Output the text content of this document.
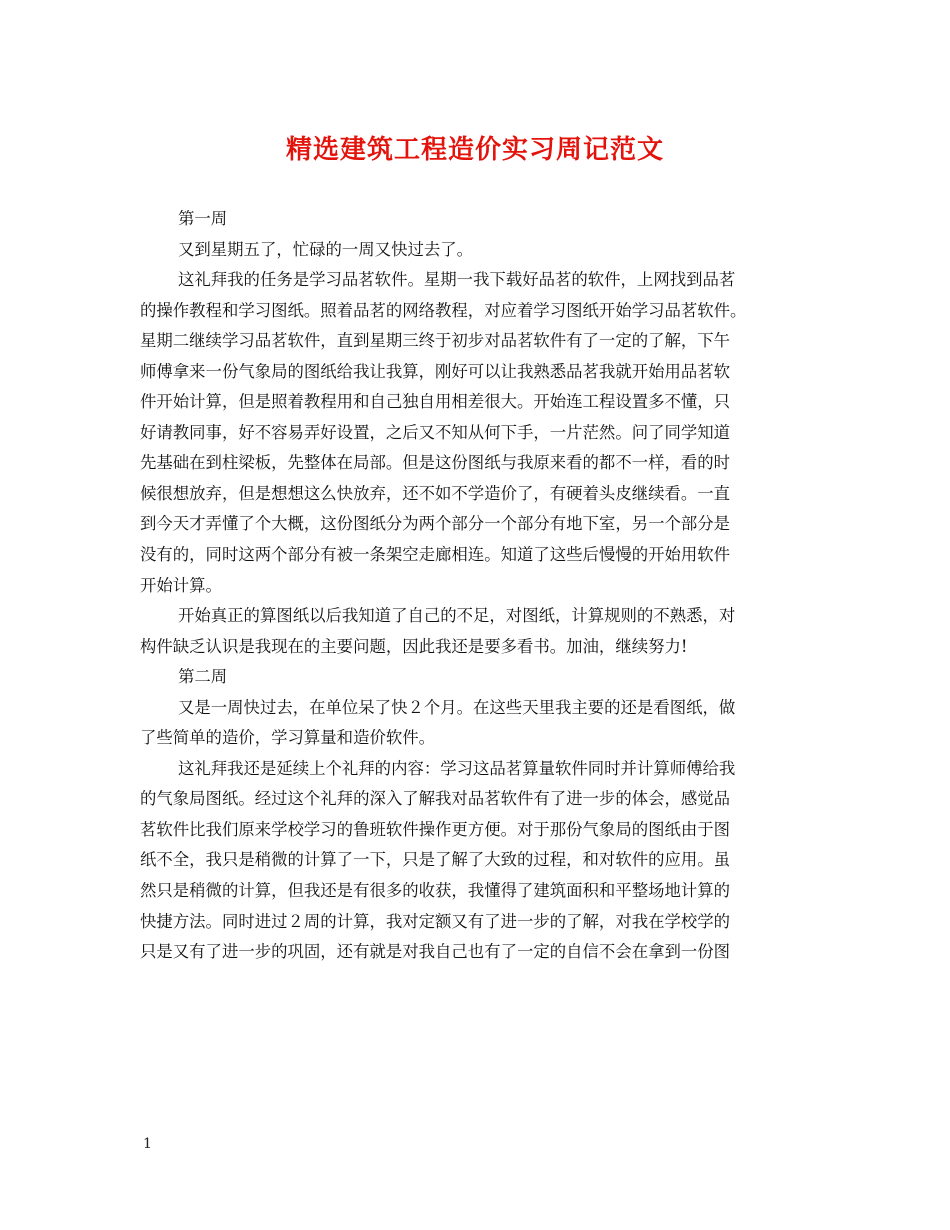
精选建筑工程造价实习周记范文
第一周
又到星期五了，忙碌的一周又快过去了。
这礼拜我的任务是学习品茗软件。星期一我下载好品茗的软件，上网找到品茗
的操作教程和学习图纸。照着品茗的网络教程，对应着学习图纸开始学习品茗软件。
星期二继续学习品茗软件，直到星期三终于初步对品茗软件有了一定的了解，下午
师傅拿来一份气象局的图纸给我让我算，刚好可以让我熟悉品茗我就开始用品茗软
件开始计算，但是照着教程用和自己独自用相差很大。开始连工程设置多不懂，只
好请教同事，好不容易弄好设置，之后又不知从何下手，一片茫然。问了同学知道
先基础在到柱梁板，先整体在局部。但是这份图纸与我原来看的都不一样，看的时
候很想放弃，但是想想这么快放弃，还不如不学造价了，有硬着头皮继续看。一直
到今天才弄懂了个大概，这份图纸分为两个部分一个部分有地下室，另一个部分是
没有的，同时这两个部分有被一条架空走廊相连。知道了这些后慢慢的开始用软件
开始计算。
开始真正的算图纸以后我知道了自己的不足，对图纸，计算规则的不熟悉，对
构件缺乏认识是我现在的主要问题，因此我还是要多看书。加油，继续努力!
第二周
又是一周快过去，在单位呆了快２个月。在这些天里我主要的还是看图纸，做
了些简单的造价，学习算量和造价软件。
这礼拜我还是延续上个礼拜的内容：学习这品茗算量软件同时并计算师傅给我
的气象局图纸。经过这个礼拜的深入了解我对品茗软件有了进一步的体会，感觉品
茗软件比我们原来学校学习的鲁班软件操作更方便。对于那份气象局的图纸由于图
纸不全，我只是稍微的计算了一下，只是了解了大致的过程，和对软件的应用。虽
然只是稍微的计算，但我还是有很多的收获，我懂得了建筑面积和平整场地计算的
快捷方法。同时进过２周的计算，我对定额又有了进一步的了解，对我在学校学的
只是又有了进一步的巩固，还有就是对我自己也有了一定的自信不会在拿到一份图
1
